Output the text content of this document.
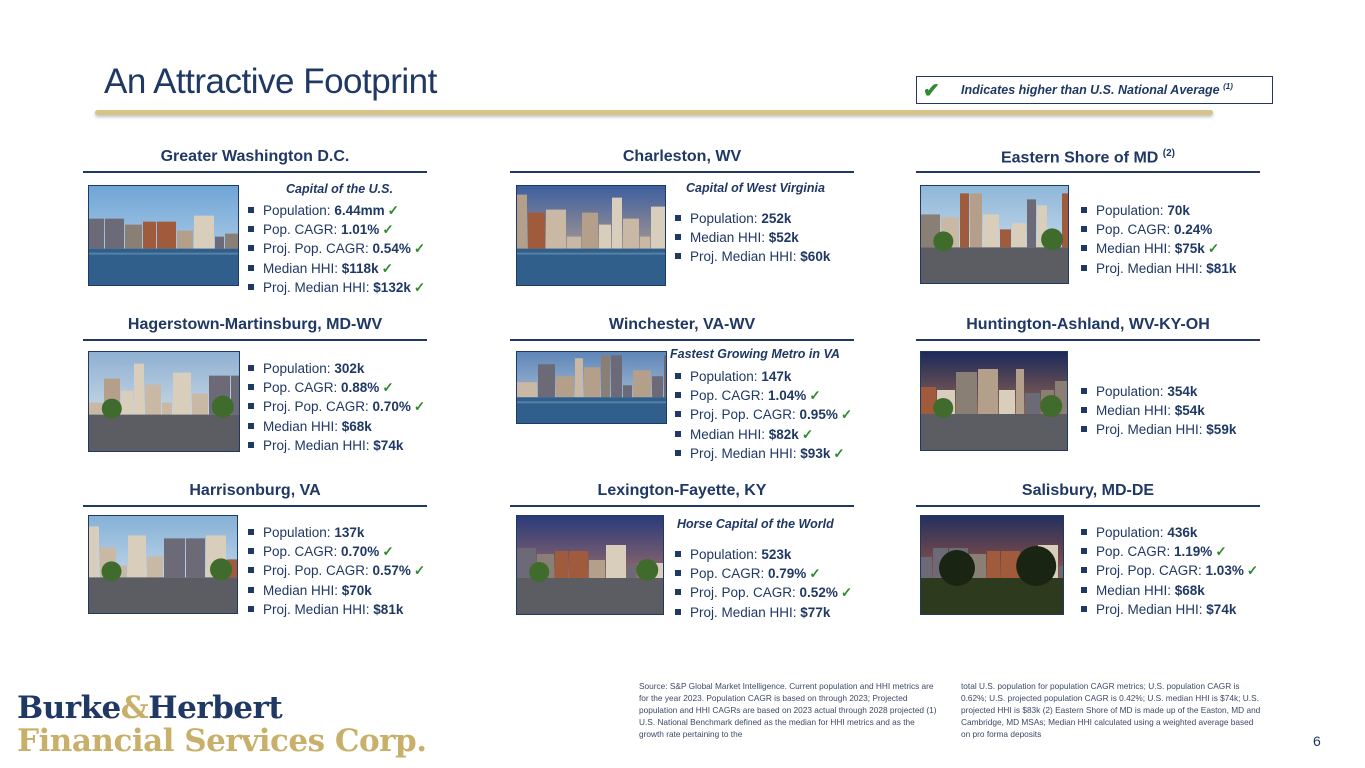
An Attractive Footprint	✔	Indicates higher than U.S. National Average $^{(1)}$
Greater Washington D.C.
Capital of the U.S.
Population: 6.44mm ✓
Pop. CAGR: 1.01% ✓
Proj. Pop. CAGR: 0.54% ✓
Median HHI: $118k ✓
Proj. Median HHI: $132k ✓
Charleston, WV
Capital of West Virginia
Population: 252k
Median HHI: $52k
Proj. Median HHI: $60k
Eastern Shore of MD $^{(2)}$
Population: 70k
Pop. CAGR: 0.24%
Median HHI: $75k ✓
Proj. Median HHI: $81k
Hagerstown-Martinsburg, MD-WV
Population: 302k
Pop. CAGR: 0.88% ✓
Proj. Pop. CAGR: 0.70% ✓
Median HHI: $68k
Proj. Median HHI: $74k
Winchester, VA-WV
Fastest Growing Metro in VA
Population: 147k
Pop. CAGR: 1.04% ✓
Proj. Pop. CAGR: 0.95% ✓
Median HHI: $82k ✓
Proj. Median HHI: $93k ✓
Huntington-Ashland, WV-KY-OH
Population: 354k
Median HHI: $54k
Proj. Median HHI: $59k
Harrisonburg, VA
Population: 137k
Pop. CAGR: 0.70% ✓
Proj. Pop. CAGR: 0.57% ✓
Median HHI: $70k
Proj. Median HHI: $81k
Lexington-Fayette, KY
Horse Capital of the World
Population: 523k
Pop. CAGR: 0.79% ✓
Proj. Pop. CAGR: 0.52% ✓
Proj. Median HHI: $77k
Salisbury, MD-DE
Population: 436k
Pop. CAGR: 1.19% ✓
Proj. Pop. CAGR: 1.03% ✓
Median HHI: $68k
Proj. Median HHI: $74k
Source: S&P Global Market Intelligence. Current population and HHI metrics are for the year 2023. Population CAGR is based on through 2023; Projected population and HHI CAGRs are based on 2023 actual through 2028 projected (1) U.S. National Benchmark defined as the median for HHI metrics and as the growth rate pertaining to the
total U.S. population for population CAGR metrics; U.S. population CAGR is 0.62%; U.S. projected population CAGR is 0.42%; U.S. median HHI is $74k; U.S. projected HHI is $83k (2) Eastern Shore of MD is made up of the Easton, MD and Cambridge, MD MSAs; Median HHI calculated using a weighted average based on pro forma deposits
Burke&Herbert
Financial Services Corp.	6
